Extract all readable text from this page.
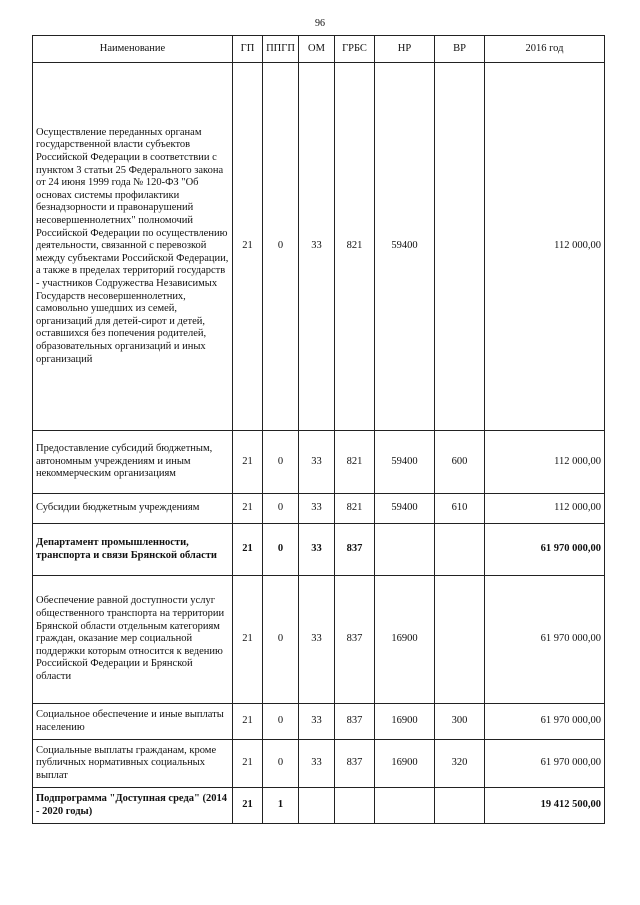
96
Наименование	ГП	ППГП	ОМ	ГРБС	НР	ВР	2016 год
Осуществление переданных органам государственной власти субъектов Российской Федерации в соответствии с пунктом 3 статьи 25 Федерального закона от 24 июня 1999 года № 120-ФЗ "Об основах системы профилактики безнадзорности и правонарушений несовершеннолетних" полномочий Российской Федерации по осуществлению деятельности, связанной с перевозкой между субъектами Российской Федерации, а также в пределах территорий государств - участников Содружества Независимых Государств несовершеннолетних, самовольно ушедших из семей, организаций для детей-сирот и детей, оставшихся без попечения родителей, образовательных организаций и иных организаций	21	0	33	821	59400		112 000,00
Предоставление субсидий бюджетным, автономным учреждениям и иным некоммерческим организациям	21	0	33	821	59400	600	112 000,00
Субсидии бюджетным учреждениям	21	0	33	821	59400	610	112 000,00
Департамент промышленности, транспорта и связи Брянской области	21	0	33	837			61 970 000,00
Обеспечение равной доступности услуг общественного транспорта на территории Брянской области отдельным категориям граждан, оказание мер социальной поддержки которым относится к ведению Российской Федерации и Брянской области	21	0	33	837	16900		61 970 000,00
Социальное обеспечение и иные выплаты населению	21	0	33	837	16900	300	61 970 000,00
Социальные выплаты гражданам, кроме публичных нормативных социальных выплат	21	0	33	837	16900	320	61 970 000,00
Подпрограмма "Доступная среда" (2014 - 2020 годы)	21	1					19 412 500,00
